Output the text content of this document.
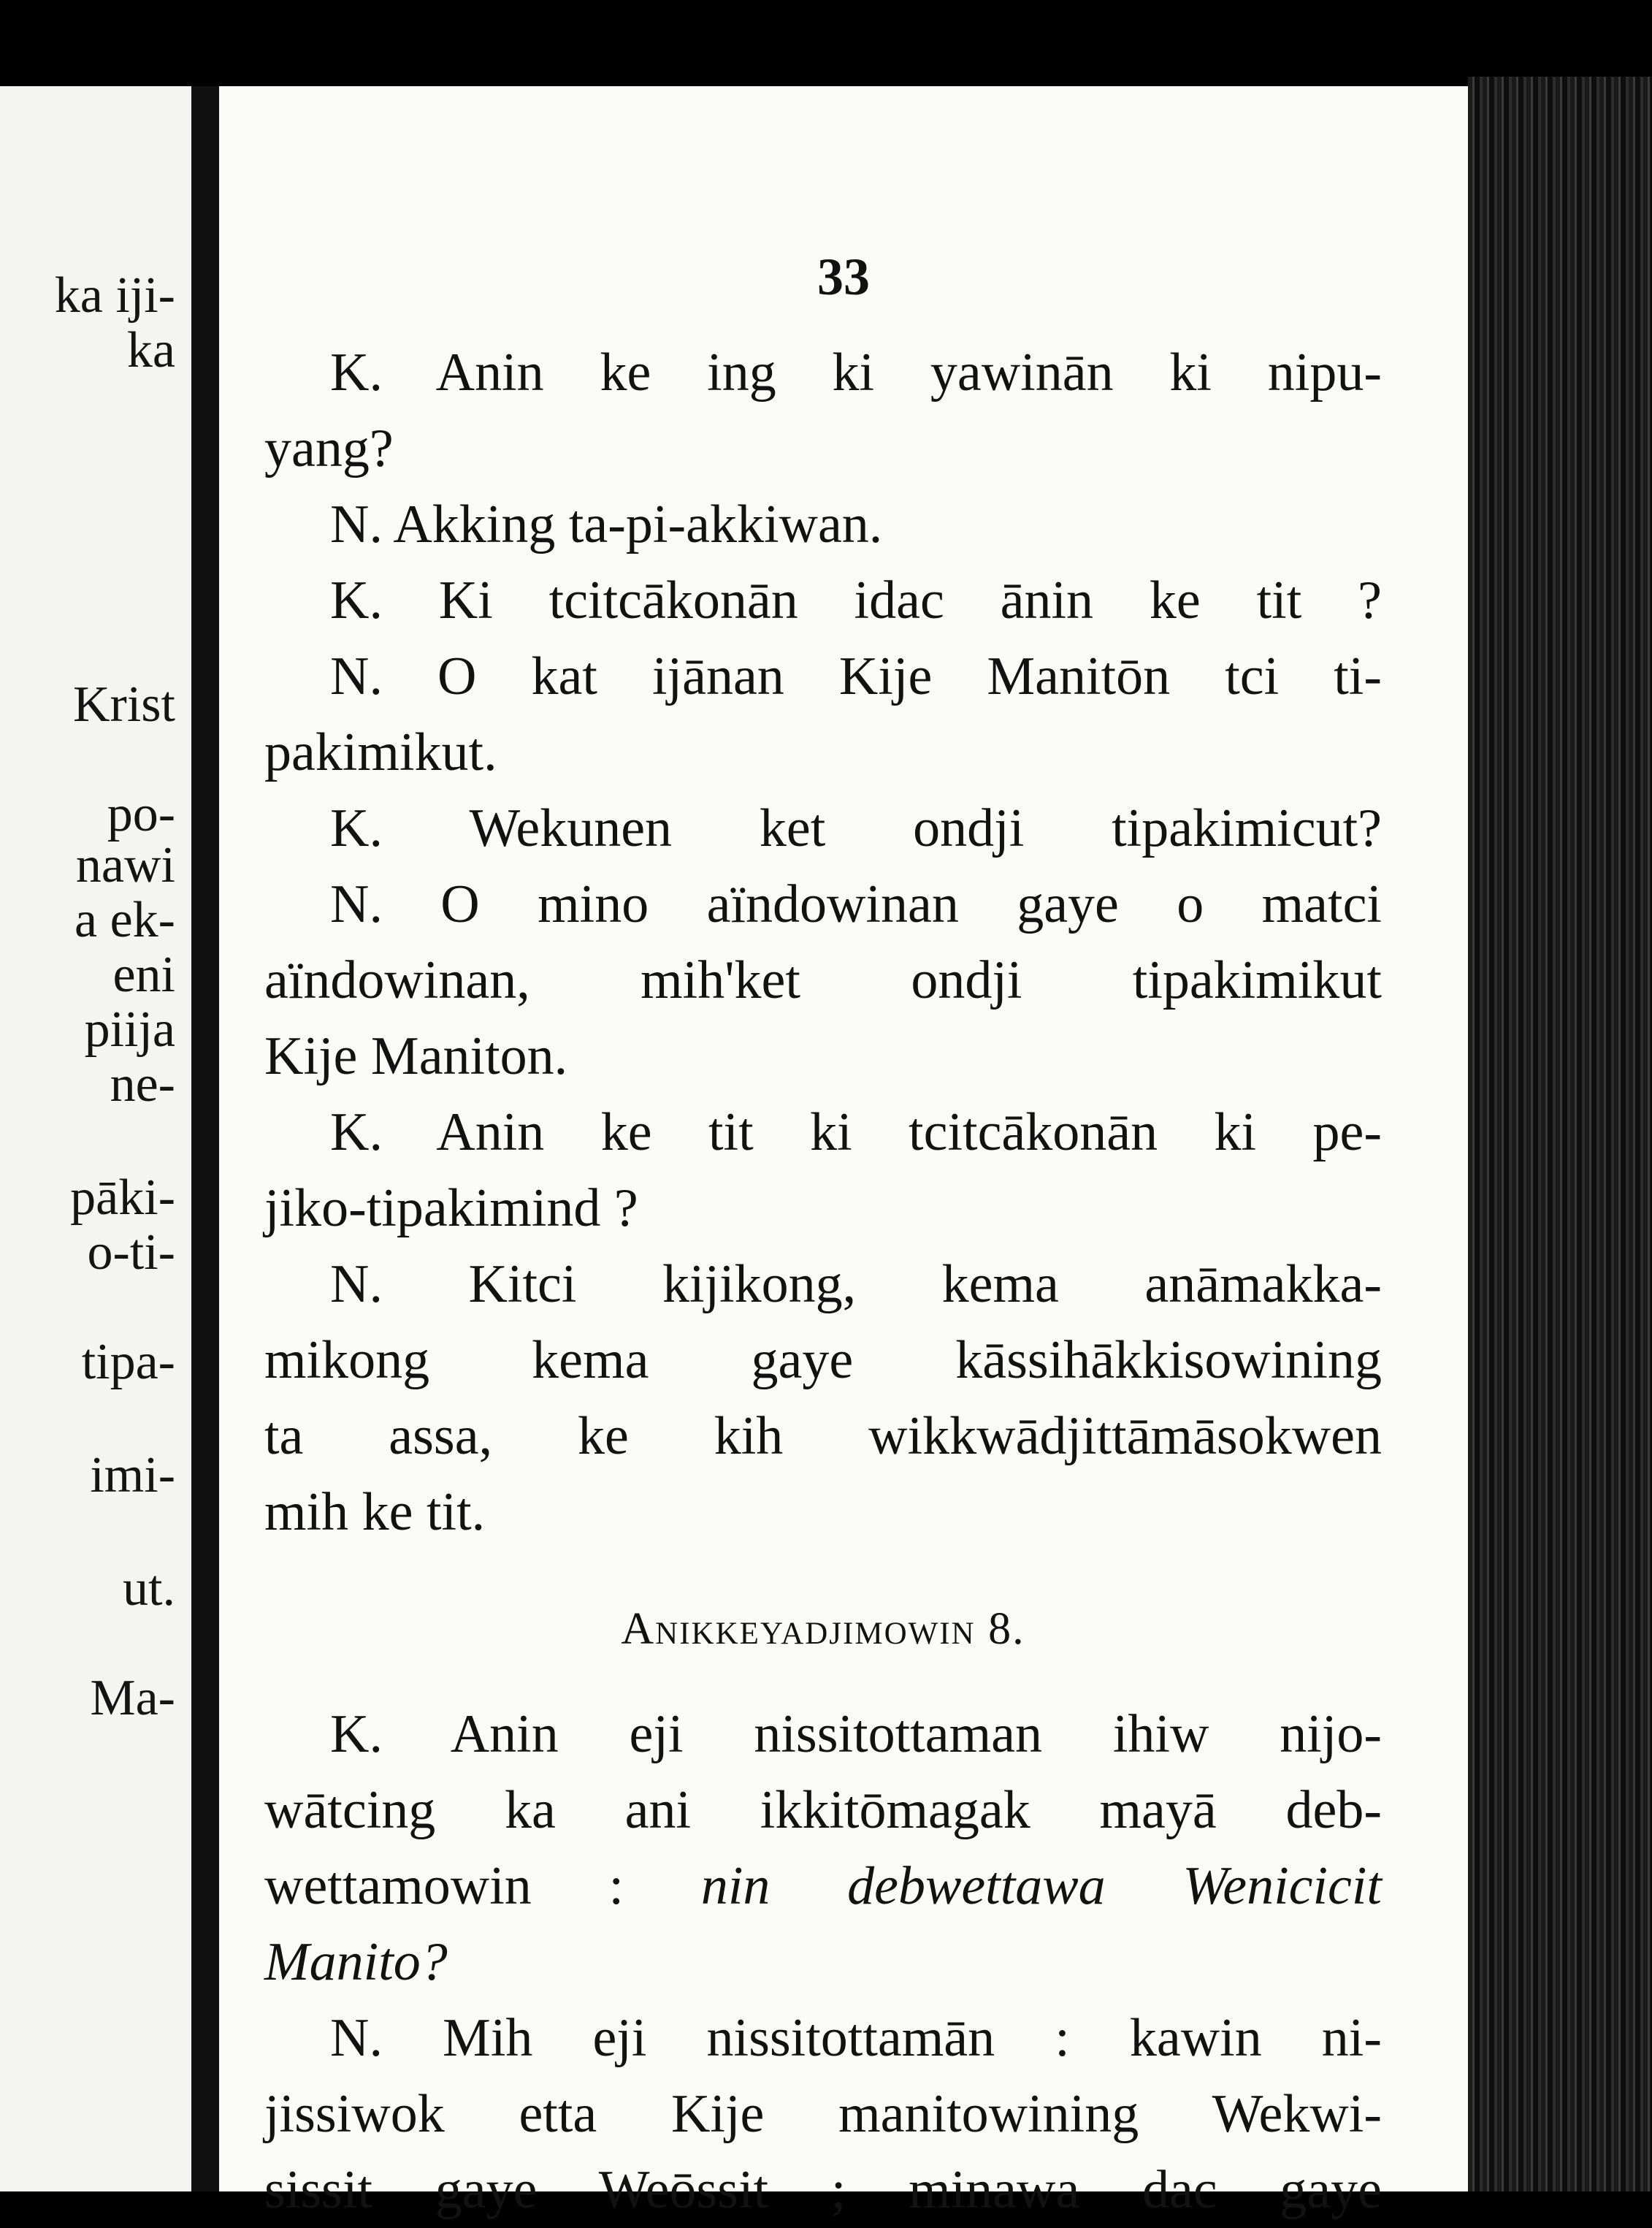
ka iji-
ka
Krist
po-
nawi
a ek-
eni
piija
ne-
pāki-
o-ti-
tipa-
imi-
ut.
Ma-
33
K. Anin ke ing ki yawinān ki nipu-
yang?
N. Akking ta-pi-akkiwan.
K. Ki tcitcākonān idac ānin ke tit ?
N. O kat ijānan Kije Manitōn tci ti-
pakimikut.
K. Wekunen ket ondji tipakimicut?
N. O mino aïndowinan gaye o matci
aïndowinan, mih'ket ondji tipakimikut
Kije Maniton.
K. Anin ke tit ki tcitcākonān ki pe-
jiko-tipakimind ?
N. Kitci kijikong, kema anāmakka-
mikong kema gaye kāssihākkisowining
ta assa, ke kih wikkwādjittāmāsokwen
mih ke tit.
Anikkeyadjimowin 8.
K. Anin eji nissitottaman ihiw nijo-
wātcing ka ani ikkitōmagak mayā deb-
wettamowin : nin debwettawa Wenicicit
Manito?
N. Mih eji nissitottamān : kawin ni-
jissiwok etta Kije manitowining Wekwi-
sissit gaye Weōssit ; minawa dac gaye
